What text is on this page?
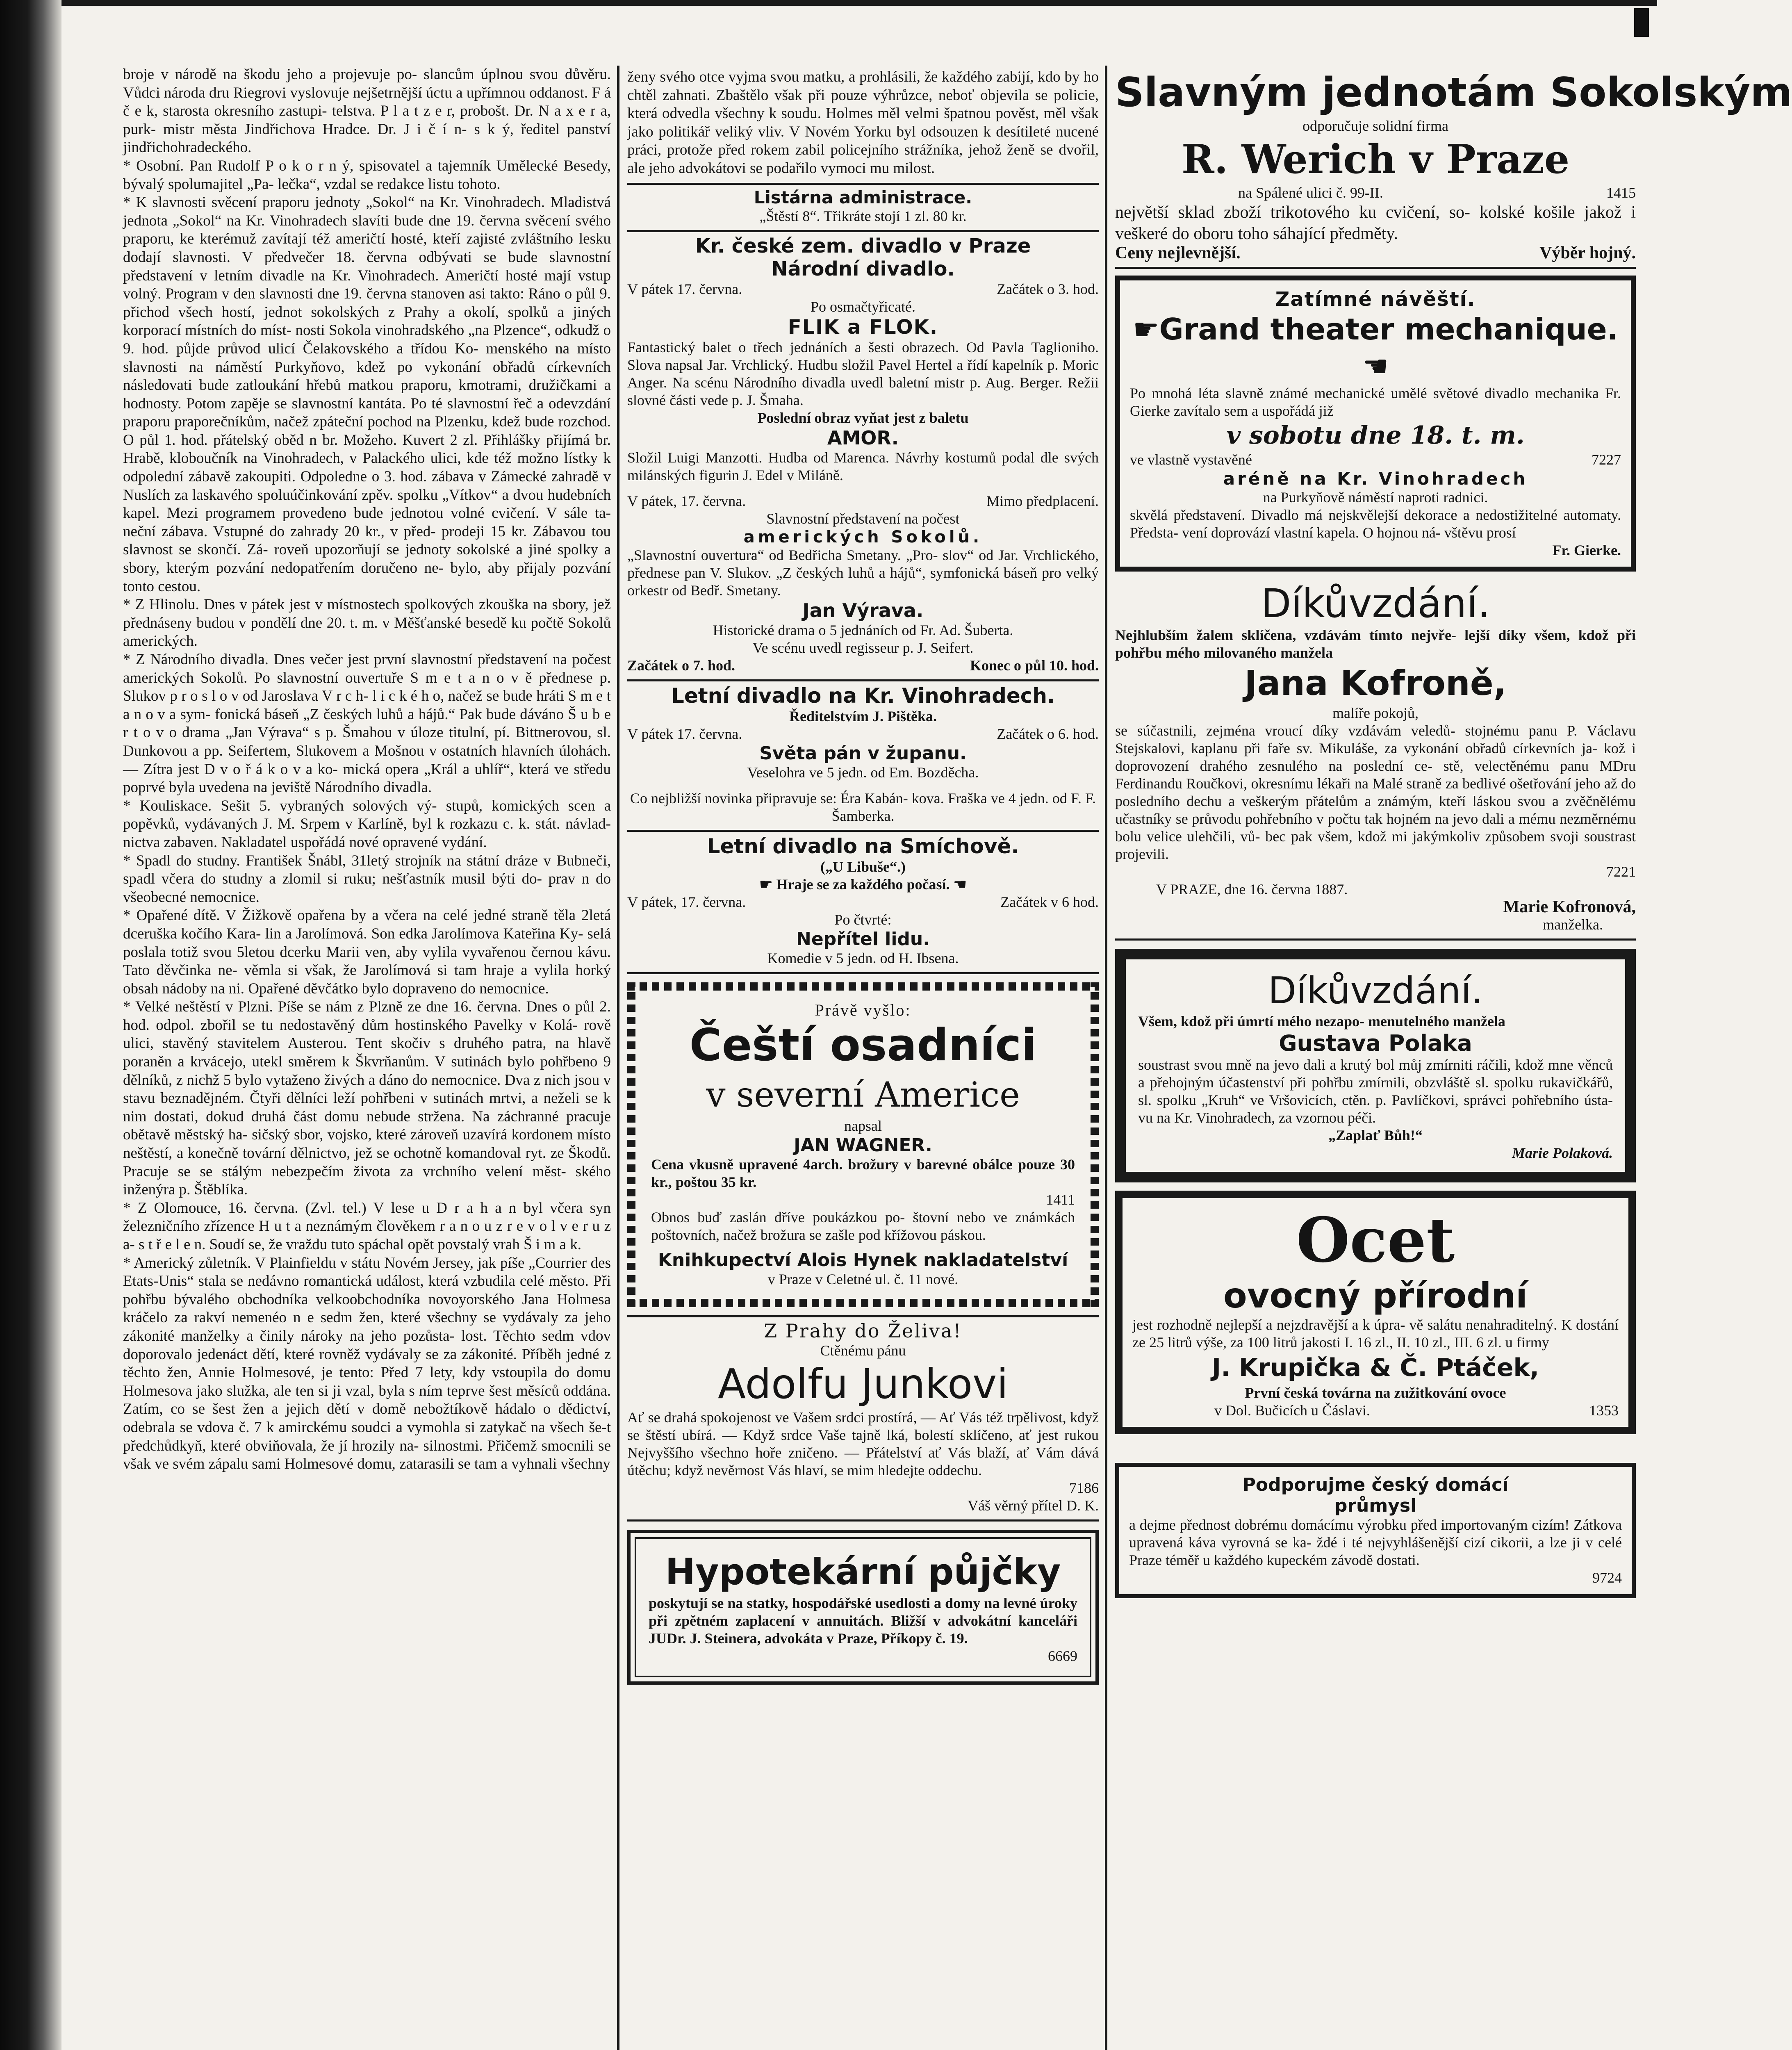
broje v národě na škodu jeho a projevuje po- slancům úplnou svou důvěru. Vůdci národa dru Riegrovi vyslovuje nejšetrnější úctu a upřímnou oddanost. F á č e k, starosta okresního zastupi- telstva. P l a t z e r, probošt. Dr. N a x e r a, purk- mistr města Jindřichova Hradce. Dr. J i č í n- s k ý, ředitel panství jindřichohradeckého.

* Osobní. Pan Rudolf P o k o r n ý, spisovatel a tajemník Umělecké Besedy, bývalý spolumajitel „Pa- lečka“, vzdal se redakce listu tohoto.

* K slavnosti svěcení praporu jednoty „Sokol“ na Kr. Vinohradech. Mladistvá jednota „Sokol“ na Kr. Vinohradech slavíti bude dne 19. června svěcení svého praporu, ke kterémuž zavítají též američtí hosté, kteří zajisté zvláštního lesku dodají slavnosti. V předvečer 18. června odbývati se bude slavnostní představení v letním divadle na Kr. Vinohradech. Američtí hosté mají vstup volný. Program v den slavnosti dne 19. června stanoven asi takto: Ráno o půl 9. přichod všech hostí, jednot sokolských z Prahy a okolí, spolků a jiných korporací místních do míst- nosti Sokola vinohradského „na Plzence“, odkudž o 9. hod. půjde průvod ulicí Čelakovského a třídou Ko- menského na místo slavnosti na náměstí Purkyňovo, kdež po vykonání obřadů církevních následovati bude zatloukání hřebů matkou praporu, kmotrami, družičkami a hodnosty. Potom zapěje se slavnostní kantáta. Po té slavnostní řeč a odevzdání praporu praporečníkům, načež zpáteční pochod na Plzenku, kdež bude rozchod. O půl 1. hod. přátelský oběd n br. Možeho. Kuvert 2 zl. Přihlášky přijímá br. Hrabě, kloboučník na Vinohradech, v Palackého ulici, kde též možno lístky k odpolední zábavě zakoupiti. Odpoledne o 3. hod. zábava v Zámecké zahradě v Nuslích za laskavého spoluúčinkování zpěv. spolku „Vítkov“ a dvou hudebních kapel. Mezi programem provedeno bude jednotou volné cvičení. V sále ta- neční zábava. Vstupné do zahrady 20 kr., v před- prodeji 15 kr. Zábavou tou slavnost se skončí. Zá- roveň upozorňují se jednoty sokolské a jiné spolky a sbory, kterým pozvání nedopatřením doručeno ne- bylo, aby přijaly pozvání tonto cestou.

* Z Hlinolu. Dnes v pátek jest v místnostech spolkových zkouška na sbory, jež přednáseny budou v pondělí dne 20. t. m. v Měšťanské besedě ku počtě Sokolů amerických.

* Z Národního divadla. Dnes večer jest první slavnostní představení na počest amerických Sokolů. Po slavnostní ouvertuře S m e t a n o v ě přednese p. Slukov p r o s l o v od Jaroslava V r c h- l i c k é h o, načež se bude hráti S m e t a n o v a sym- fonická báseň „Z českých luhů a hájů.“ Pak bude dáváno Š u b e r t o v o drama „Jan Výrava“ s p. Šmahou v úloze titulní, pí. Bittnerovou, sl. Dunkovou a pp. Seifertem, Slukovem a Mošnou v ostatních hlavních úlohách. — Zítra jest D v o ř á k o v a ko- mická opera „Král a uhlíř“, která ve středu poprvé byla uvedena na jeviště Národního divadla.

* Kouliskace. Sešit 5. vybraných solových vý- stupů, komických scen a popěvků, vydávaných J. M. Srpem v Karlíně, byl k rozkazu c. k. stát. návlad- nictva zabaven. Nakladatel uspořádá nové opravené vydání.

* Spadl do studny. František Šnábl, 31letý strojník na státní dráze v Bubneči, spadl včera do studny a zlomil si ruku; nešťastník musil býti do- prav n do všeobecné nemocnice.

* Opařené dítě. V Žižkově opařena by a včera na celé jedné straně těla 2letá dceruška kočího Kara- lin a Jarolímová. Son edka Jarolímova Kateřina Ky- selá poslala totiž svou 5letou dcerku Marii ven, aby vylila vyvařenou černou kávu. Tato děvčinka ne- věmla si však, že Jarolímová si tam hraje a vylila horký obsah nádoby na ni. Opařené děvčátko bylo dopraveno do nemocnice.

* Velké neštěstí v Plzni. Píše se nám z Plzně ze dne 16. června. Dnes o půl 2. hod. odpol. zbořil se tu nedostavěný dům hostinského Pavelky v Kolá- rově ulici, stavěný stavitelem Austerou. Tent skočiv s druhého patra, na hlavě poraněn a krvácejo, utekl směrem k Škvrňanům. V sutinách bylo pohřbeno 9 dělníků, z nichž 5 bylo vytaženo živých a dáno do nemocnice. Dva z nich jsou v stavu beznadějném. Čtyři dělníci leží pohřbeni v sutinách mrtvi, a neželi se k nim dostati, dokud druhá část domu nebude stržena. Na záchranné pracuje obětavě městský ha- sičský sbor, vojsko, které zároveň uzavírá kordonem místo neštěstí, a konečně tovární dělnictvo, jež se ochotně komandoval ryt. ze Škodů. Pracuje se se stálým nebezpečím života za vrchního velení měst- ského inženýra p. Štěblíka.

* Z Olomouce, 16. června. (Zvl. tel.) V lese u D r a h a n byl včera syn železničního zřízence H u t a neznámým člověkem r a n o u z r e v o l v e r u z a- s t ř e l e n. Soudí se, že vraždu tuto spáchal opět povstalý vrah Š i m a k.

* Americký zůletník. V Plainfieldu v státu Novém Jersey, jak píše „Courrier des Etats-Unis“ stala se nedávno romantická událost, která vzbudila celé město. Při pohřbu bývalého obchodníka velkoobchodníka novoyorského Jana Holmesa kráčelo za rakví nemenéo n e sedm žen, které všechny se vydávaly za jeho zákonité manželky a činily nároky na jeho pozůsta- lost. Těchto sedm vdov doporovalo jedenáct dětí, které rovněž vydávaly se za zákonité. Příběh jedné z těchto žen, Annie Holmesové, je tento: Před 7 lety, kdy vstoupila do domu Holmesova jako služka, ale ten si ji vzal, byla s ním teprve šest měsíců oddána. Zatím, co se šest žen a jejich dětí v domě nebožtíkově hádalo o dědictví, odebrala se vdova č. 7 k amirckému soudci a vymohla si zatykač na všech še-t předchůdkyň, které obviňovala, že jí hrozily na- silnostmi. Přičemž smocnili se však ve svém zápalu sami Holmesové domu, zatarasili se tam a vyhnali všechny

ženy svého otce vyjma svou matku, a prohlásili, že každého zabijí, kdo by ho chtěl zahnati. Zbaštělo však při pouze výhrůzce, neboť objevila se policie, která odvedla všechny k soudu. Holmes měl velmi špatnou pověst, měl však jako politikář veliký vliv. V Novém Yorku byl odsouzen k desítileté nucené práci, protože před rokem zabil policejního strážníka, jehož ženě se dvořil, ale jeho advokátovi se podařilo vymoci mu milost.

Listárna administrace.
„Štěstí 8“. Třikráte stojí 1 zl. 80 kr.
Kr. české zem. divadlo v Praze
Národní divadlo.
V pátek 17. června.	Začátek o 3. hod.
Po osmačtyřicaté.
FLIK a FLOK.
Fantastický balet o třech jednáních a šesti obrazech. Od Pavla Taglioniho. Slova napsal Jar. Vrchlický. Hudbu složil Pavel Hertel a řídí kapelník p. Moric Anger. Na scénu Národního divadla uvedl baletní mistr p. Aug. Berger. Režii slovné části vede p. J. Šmaha.
Poslední obraz vyňat jest z baletu
AMOR.
Složil Luigi Manzotti. Hudba od Marenca. Návrhy kostumů podal dle svých milánských figurin J. Edel v Miláně.
V pátek, 17. června.	Mimo předplacení.
Slavnostní představení na počest
amerických Sokolů.
„Slavnostní ouvertura“ od Bedřicha Smetany. „Pro- slov“ od Jar. Vrchlického, přednese pan V. Slukov. „Z českých luhů a hájů“, symfonická báseň pro velký orkestr od Bedř. Smetany.
Jan Výrava.
Historické drama o 5 jednáních od Fr. Ad. Šuberta.
Ve scénu uvedl regisseur p. J. Seifert.
Začátek o 7. hod.	Konec o půl 10. hod.
Letní divadlo na Kr. Vinohradech.
Ředitelstvím J. Pištěka.
V pátek 17. června.	Začátek o 6. hod.
Světa pán v županu.
Veselohra ve 5 jedn. od Em. Bozděcha.
Co nejbližší novinka připravuje se: Éra Kabán- kova. Fraška ve 4 jedn. od F. F. Šamberka.
Letní divadlo na Smíchově.
(„U Libuše“.)
☛ Hraje se za každého počasí. ☚
V pátek, 17. června.	Začátek v 6 hod.
Po čtvrté:
Nepřítel lidu.
Komedie v 5 jedn. od H. Ibsena.
Právě vyšlo:
Čeští osadníci
v severní Americe
napsal
JAN WAGNER.
Cena vkusně upravené 4arch. brožury v barevné obálce pouze 30 kr., poštou 35 kr.
1411
Obnos buď zaslán dříve poukázkou po- štovní nebo ve známkách poštovních, načež brožura se zašle pod křížovou páskou.
Knihkupectví Alois Hynek nakladatelství
v Praze v Celetné ul. č. 11 nové.
Z Prahy do Želiva!
Ctěnému pánu
Adolfu Junkovi
Ať se drahá spokojenost ve Vašem srdci prostírá, — Ať Vás též trpělivost, když se štěstí ubírá. — Když srdce Vaše tajně lká, bolestí sklíčeno, ať jest rukou Nejvyššího všechno hoře zničeno. — Přátelství ať Vás blaží, ať Vám dává útěchu; když nevěrnost Vás hlaví, se mim hledejte oddechu.
7186
Váš věrný přítel D. K.
Hypotekární půjčky
poskytují se na statky, hospodářské usedlosti a domy na levné úroky při zpětném zaplacení v annuitách. Bližší v advokátní kanceláři JUDr. J. Steinera, advokáta v Praze, Příkopy č. 19.
6669
Slavným jednotám Sokolským
odporučuje solidní firma
R. Werich v Praze
na Spálené ulici č. 99-II.	1415
největší sklad zboží trikotového ku cvičení, so- kolské košile jakož i veškeré do oboru toho sáhající předměty.
Ceny nejlevnější.	Výběr hojný.
Zatímné návěští.
☛Grand theater mechanique.☚
Po mnohá léta slavně známé mechanické umělé světové divadlo mechanika Fr. Gierke zavítalo sem a uspořádá již
v sobotu dne 18. t. m.
ve vlastně vystavěné	7227
aréně na Kr. Vinohradech
na Purkyňově náměstí naproti radnici.
skvělá představení. Divadlo má nejskvělejší dekorace a nedostižitelné automaty. Předsta- vení doprovází vlastní kapela. O hojnou ná- vštěvu prosí
Fr. Gierke.
Díkůvzdání.
Nejhlubším žalem sklíčena, vzdávám tímto nejvře- lejší díky všem, kdož při pohřbu mého milovaného manžela
Jana Kofroně,
malíře pokojů,
se súčastnili, zejména vroucí díky vzdávám veledů- stojnému panu P. Václavu Stejskalovi, kaplanu při faře sv. Mikuláše, za vykonání obřadů církevních ja- kož i doprovození drahého zesnulého na poslední ce- stě, velectěnému panu MDru Ferdinandu Roučkovi, okresnímu lékaři na Malé straně za bedlivé ošetřování jeho až do posledního dechu a veškerým přátelům a známým, kteří láskou svou a zvěčnělému učastníky se průvodu pohřebního v počtu tak hojném na jevo dali a mému nezměrnému bolu velice ulehčili, vů- bec pak všem, kdož mi jakýmkoliv způsobem svoji soustrast projevili.
7221
V PRAZE, dne 16. června 1887.
Marie Kofronová,
manželka.
Díkůvzdání.
Všem, kdož při úmrtí mého nezapo- menutelného manžela
Gustava Polaka
soustrast svou mně na jevo dali a krutý bol můj zmírniti ráčili, kdož mne věnců a přehojným účastenství při pohřbu zmírnili, obzvláště sl. spolku rukavičkářů, sl. spolku „Kruh“ ve Vršovicích, ctěn. p. Pavlíčkovi, správci pohřebního ústa- vu na Kr. Vinohradech, za vzornou péči.
„Zaplať Bůh!“
Marie Polaková.
Ocet
ovocný přírodní
jest rozhodně nejlepší a nejzdravější a k úpra- vě salátu nenahraditelný. K dostání ze 25 litrů výše, za 100 litrů jakosti I. 16 zl., II. 10 zl., III. 6 zl. u firmy
J. Krupička & Č. Ptáček,
První česká továrna na zužitkování ovoce
v Dol. Bučicích u Čáslavi.	1353
Podporujme český domácí
průmysl
a dejme přednost dobrému domácímu výrobku před importovaným cizím! Zátkova upravená káva vyrovná se ka- ždé i té nejvyhlášenější cizí cikorii, a lze ji v celé Praze téměř u každého kupeckém závodě dostati.
9724
